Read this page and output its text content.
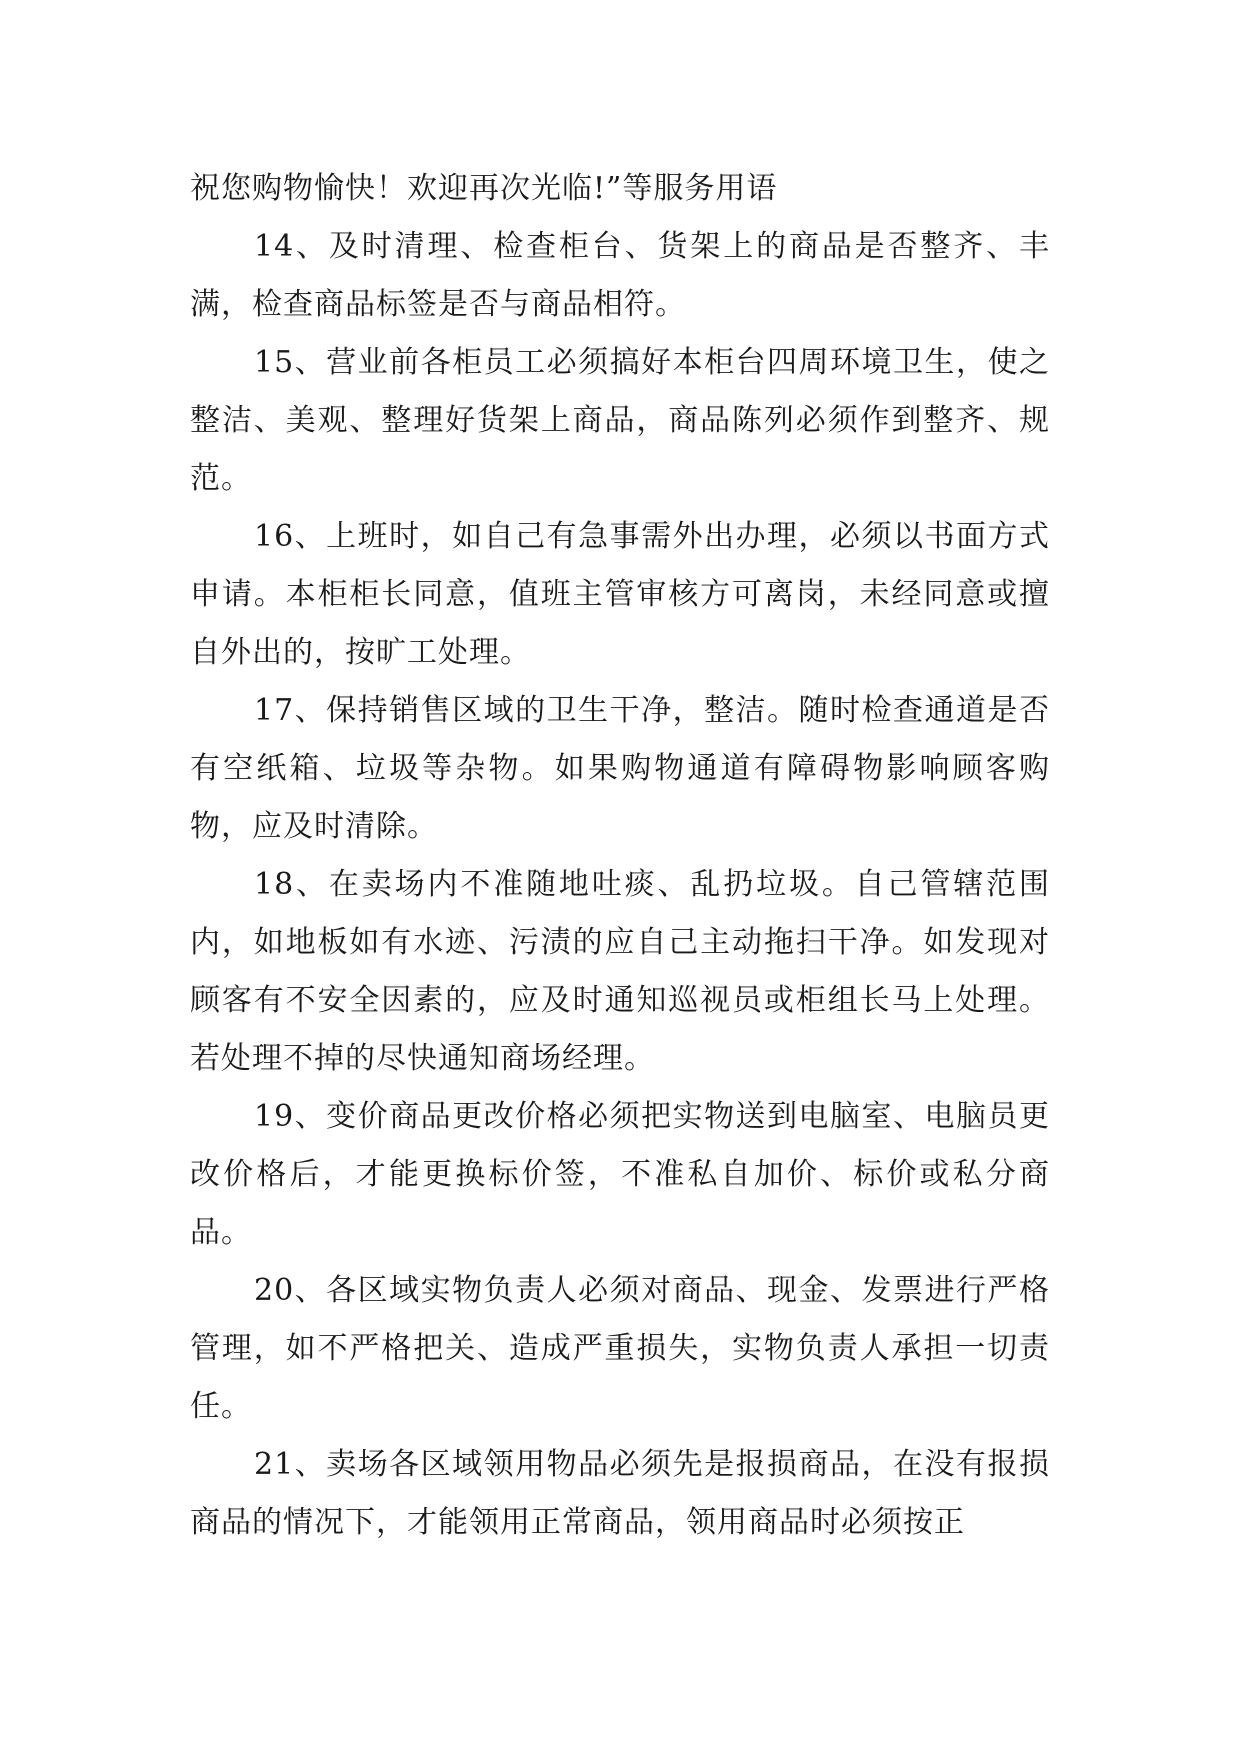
祝您购物愉快！欢迎再次光临!”等服务用语

14、及时清理、检查柜台、货架上的商品是否整齐、丰满，检查商品标签是否与商品相符。

15、营业前各柜员工必须搞好本柜台四周环境卫生，使之整洁、美观、整理好货架上商品，商品陈列必须作到整齐、规范。

16、上班时，如自己有急事需外出办理，必须以书面方式申请。本柜柜长同意，值班主管审核方可离岗，未经同意或擅自外出的，按旷工处理。

17、保持销售区域的卫生干净，整洁。随时检查通道是否有空纸箱、垃圾等杂物。如果购物通道有障碍物影响顾客购物，应及时清除。

18、在卖场内不准随地吐痰、乱扔垃圾。自己管辖范围内，如地板如有水迹、污渍的应自己主动拖扫干净。如发现对顾客有不安全因素的，应及时通知巡视员或柜组长马上处理。若处理不掉的尽快通知商场经理。

19、变价商品更改价格必须把实物送到电脑室、电脑员更改价格后，才能更换标价签，不准私自加价、标价或私分商品。

20、各区域实物负责人必须对商品、现金、发票进行严格管理，如不严格把关、造成严重损失，实物负责人承担一切责任。

21、卖场各区域领用物品必须先是报损商品，在没有报损商品的情况下，才能领用正常商品，领用商品时必须按正
